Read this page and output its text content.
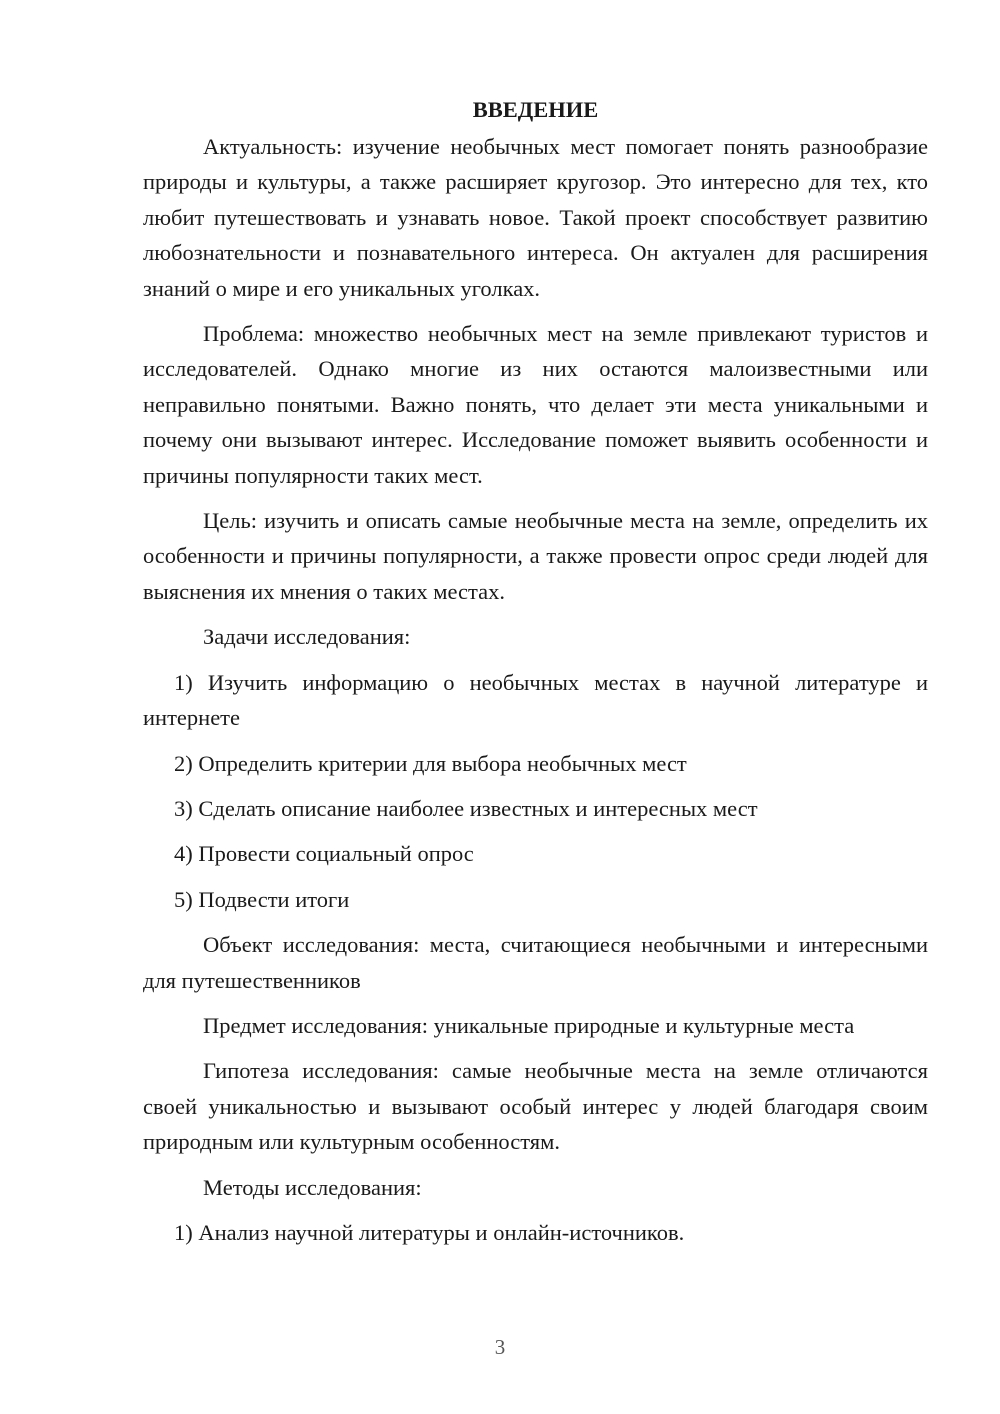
ВВЕДЕНИЕ

Актуальность: изучение необычных мест помогает понять разнообразие природы и культуры, а также расширяет кругозор. Это интересно для тех, кто любит путешествовать и узнавать новое. Такой проект способствует развитию любознательности и познавательного интереса. Он актуален для расширения знаний о мире и его уникальных уголках.

Проблема: множество необычных мест на земле привлекают туристов и исследователей. Однако многие из них остаются малоизвестными или неправильно понятыми. Важно понять, что делает эти места уникальными и почему они вызывают интерес. Исследование поможет выявить особенности и причины популярности таких мест.

Цель: изучить и описать самые необычные места на земле, определить их особенности и причины популярности, а также провести опрос среди людей для выяснения их мнения о таких местах.

Задачи исследования:

1) Изучить информацию о необычных местах в научной литературе и интернете

2) Определить критерии для выбора необычных мест

3) Сделать описание наиболее известных и интересных мест

4) Провести социальный опрос

5) Подвести итоги

Объект исследования: места, считающиеся необычными и интересными для путешественников

Предмет исследования: уникальные природные и культурные места

Гипотеза исследования: самые необычные места на земле отличаются своей уникальностью и вызывают особый интерес у людей благодаря своим природным или культурным особенностям.

Методы исследования:

1) Анализ научной литературы и онлайн-источников.

3
